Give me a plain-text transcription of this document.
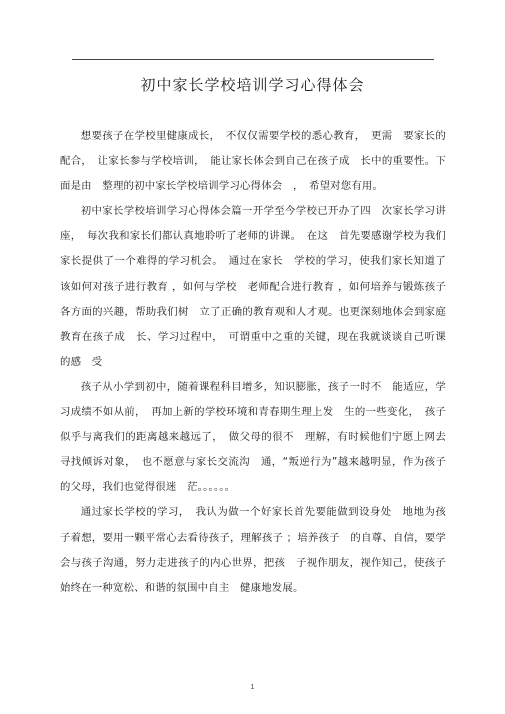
初中家长学校培训学习心得体会

想要孩子在学校里健康成长，　不仅仅需要学校的悉心教育，　更需　要家长的配合，　让家长参与学校培训，　能让家长体会到自己在孩子成　长中的重要性。下面是由　整理的初中家长学校培训学习心得体会　，　希望对您有用。

初中家长学校培训学习心得体会篇一开学至今学校已开办了四　次家长学习讲座，　每次我和家长们都认真地聆听了老师的讲课。　在这　首先要感谢学校为我们家长提供了一个难得的学习机会。　通过在家长　学校的学习，使我们家长知道了该如何对孩子进行教育 ，如何与学校　老师配合进行教育 ，如何培养与锻炼孩子各方面的兴趣，帮助我们树　立了正确的教育观和人才观。也更深刻地体会到家庭教育在孩子成　长、学习过程中，　可谓重中之重的关键，现在我就谈谈自己听课的感　受

孩子从小学到初中，随着课程科目增多，知识膨胀，孩子一时不　能适应，学习成绩不如从前，　再加上新的学校环境和青春期生理上发　生的一些变化，　孩子似乎与离我们的距离越来越远了，　做父母的很不　理解，有时候他们宁愿上网去寻找倾诉对象，　也不愿意与家长交流沟　通，“叛逆行为”越来越明显，作为孩子的父母，我们也觉得很迷　茫。。。。。。

通过家长学校的学习，　我认为做一个好家长首先要能做到设身处　地地为孩子着想，要用一颗平常心去看待孩子，理解孩子 ；培养孩子　的自尊、自信，要学会与孩子沟通，努力走进孩子的内心世界，把孩　子视作朋友，视作知己，使孩子始终在一种宽松、和谐的氛围中自主　健康地发展。

1
